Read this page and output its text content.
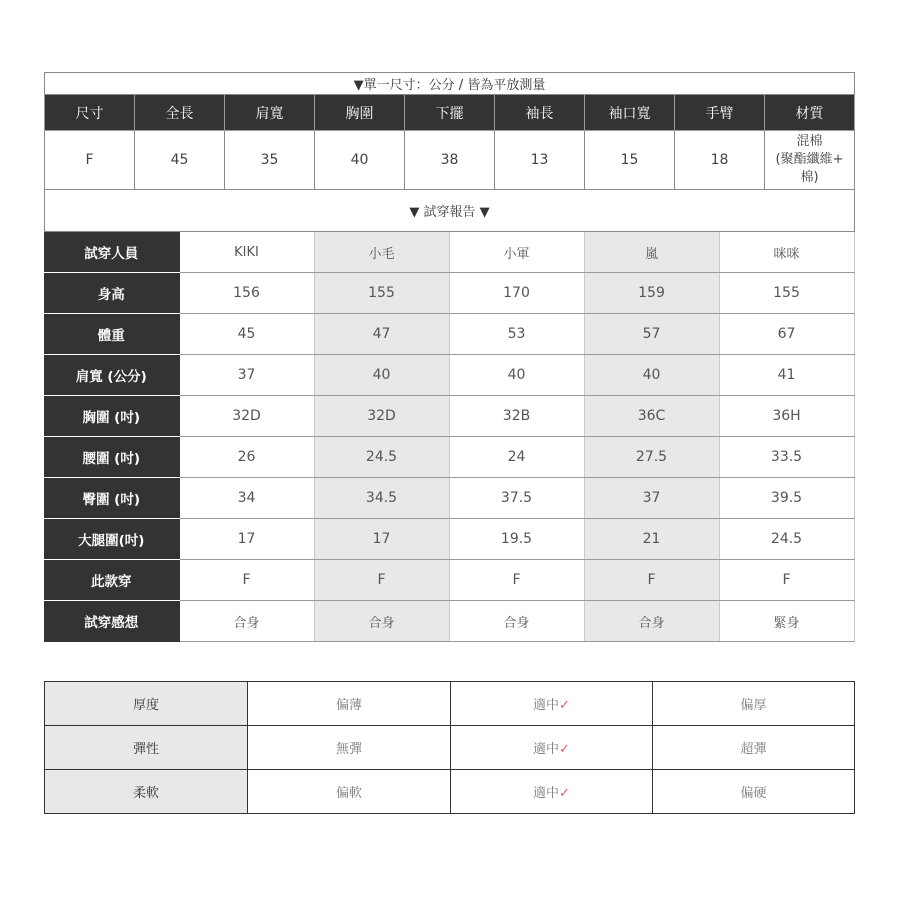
▼單一尺寸：公分 / 皆為平放測量								
尺寸	全長	肩寬	胸圍	下擺	袖長	袖口寬	手臂	材質
F	45	35	40	38	13	15	18	混棉
(聚酯纖維+
棉)
▼ 試穿報告 ▼								
試穿人員	KIKI	小毛	小軍	嵐	咪咪
身高	156	155	170	159	155
體重	45	47	53	57	67
肩寬 (公分)	37	40	40	40	41
胸圍 (吋)	32D	32D	32B	36C	36H
腰圍 (吋)	26	24.5	24	27.5	33.5
臀圍 (吋)	34	34.5	37.5	37	39.5
大腿圍(吋)	17	17	19.5	21	24.5
此款穿	F	F	F	F	F
試穿感想	合身	合身	合身	合身	緊身
厚度	偏薄	適中✓	偏厚
彈性	無彈	適中✓	超彈
柔軟	偏軟	適中✓	偏硬
